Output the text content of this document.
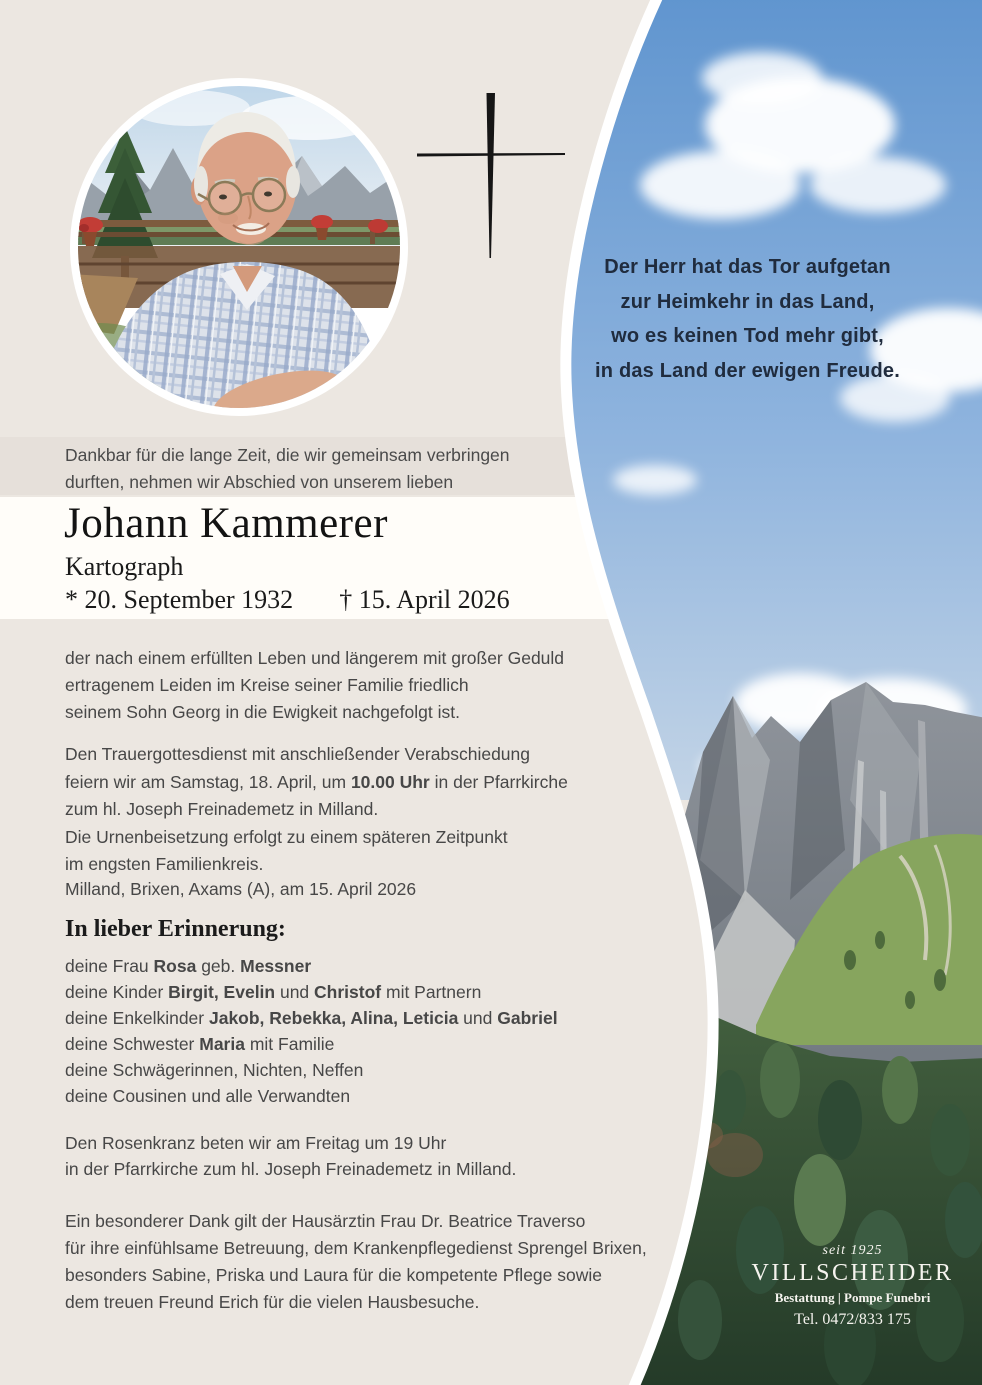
Der Herr hat das Tor aufgetan
zur Heimkehr in das Land,
wo es keinen Tod mehr gibt,
in das Land der ewigen Freude.
Dankbar für die lange Zeit, die wir gemeinsam verbringen
durften, nehmen wir Abschied von unserem lieben
Johann Kammerer
Kartograph
* 20. September 1932 † 15. April 2026
der nach einem erfüllten Leben und längerem mit großer Geduld
ertragenem Leiden im Kreise seiner Familie friedlich
seinem Sohn Georg in die Ewigkeit nachgefolgt ist.
Den Trauergottesdienst mit anschließender Verabschiedung
feiern wir am Samstag, 18. April, um 10.00 Uhr in der Pfarrkirche
zum hl. Joseph Freinademetz in Milland.
Die Urnenbeisetzung erfolgt zu einem späteren Zeitpunkt
im engsten Familienkreis.
Milland, Brixen, Axams (A), am 15. April 2026
In lieber Erinnerung:
deine Frau Rosa geb. Messner
deine Kinder Birgit, Evelin und Christof mit Partnern
deine Enkelkinder Jakob, Rebekka, Alina, Leticia und Gabriel
deine Schwester Maria mit Familie
deine Schwägerinnen, Nichten, Neffen
deine Cousinen und alle Verwandten
Den Rosenkranz beten wir am Freitag um 19 Uhr
in der Pfarrkirche zum hl. Joseph Freinademetz in Milland.
Ein besonderer Dank gilt der Hausärztin Frau Dr. Beatrice Traverso
für ihre einfühlsame Betreuung, dem Krankenpflegedienst Sprengel Brixen,
besonders Sabine, Priska und Laura für die kompetente Pflege sowie
dem treuen Freund Erich für die vielen Hausbesuche.
seit 1925
VILLSCHEIDER
Bestattung | Pompe Funebri
Tel. 0472/833 175
